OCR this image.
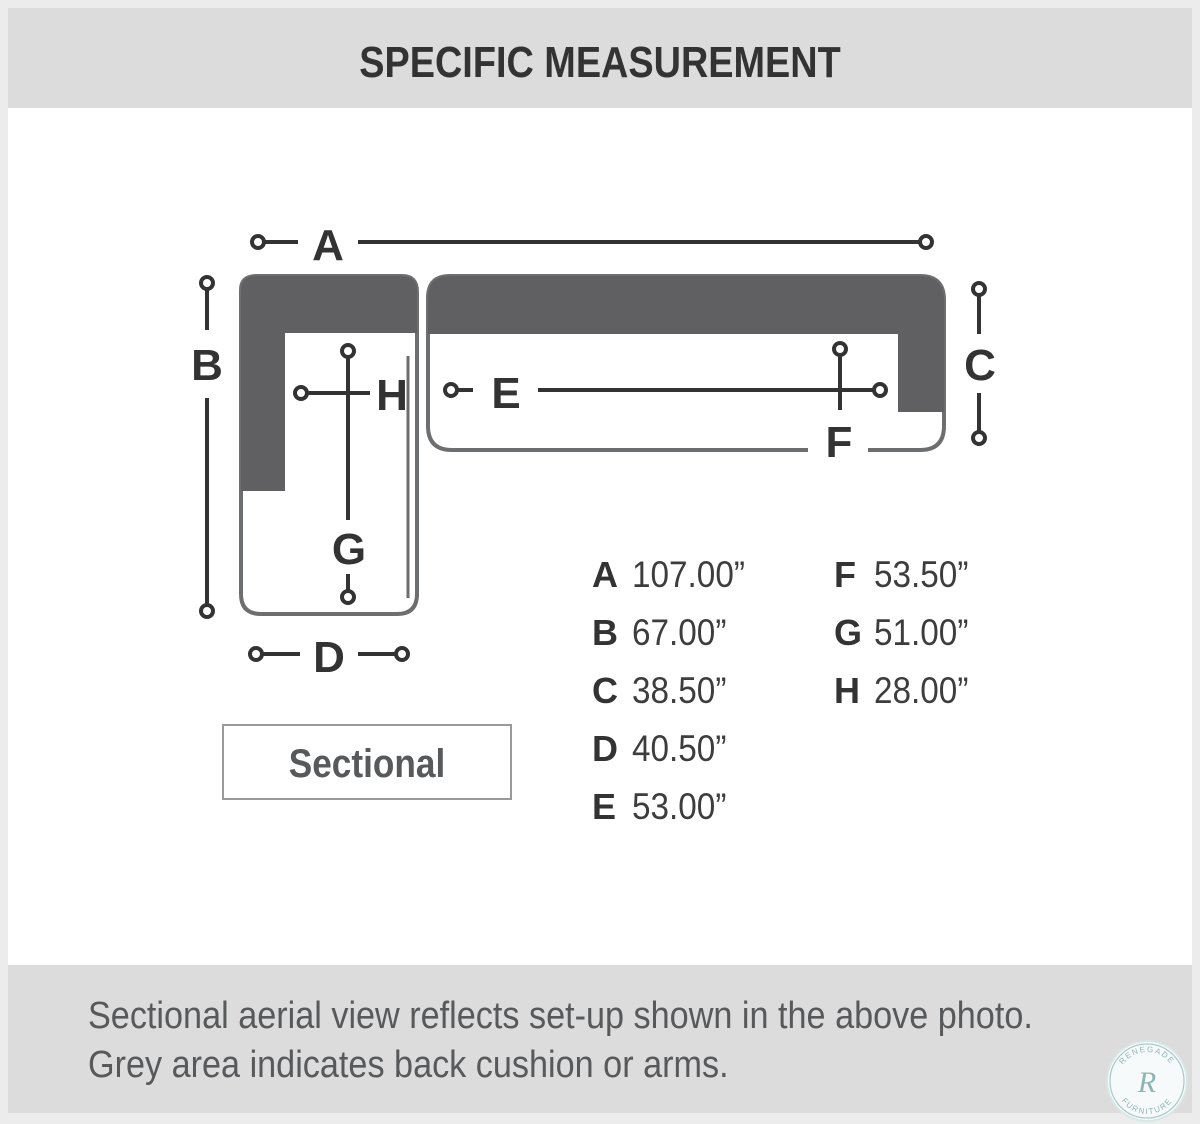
SPECIFIC MEASUREMENT
A
B	C
D
E
F
G
H
Sectional
A 107.00”
B 67.00”
C 38.50”
D 40.50”
E 53.00”
F 53.50”
G 51.00”
H 28.00”

Sectional aerial view reflects set-up shown in the above photo.

Grey area indicates back cushion or arms.	RENEGADE
FURNITURE
R
